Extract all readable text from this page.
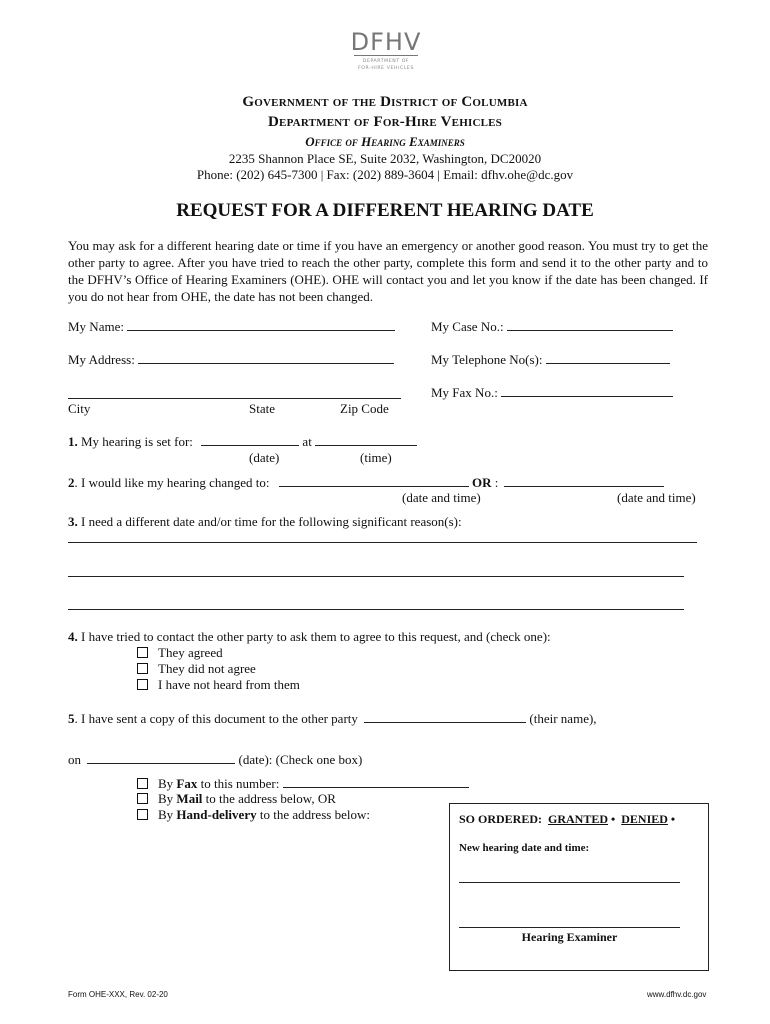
DFHV
DEPARTMENT OF
FOR-HIRE VEHICLES
Government of the District of Columbia
Department of For-Hire Vehicles
Office of Hearing Examiners
2235 Shannon Place SE, Suite 2032, Washington, DC20020
Phone: (202) 645-7300 | Fax: (202) 889-3604 | Email: dfhv.ohe@dc.gov
REQUEST FOR A DIFFERENT HEARING DATE
You may ask for a different hearing date or time if you have an emergency or another good reason. You must try to get the other party to agree. After you have tried to reach the other party, complete this form and send it to the other party and to the DFHV’s Office of Hearing Examiners (OHE). OHE will contact you and let you know if the date has been changed. If you do not hear from OHE, the date has not been changed.
My Name:	My Case No.:
My Address:	My Telephone No(s):
My Fax No.:
City	State	Zip Code
1. My hearing is set for:	at
(date)	(time)
2. I would like my hearing changed to:	OR :
(date and time)	(date and time)
3. I need a different date and/or time for the following significant reason(s):
4. I have tried to contact the other party to ask them to agree to this request, and (check one):
They agreed
They did not agree
I have not heard from them
5. I have sent a copy of this document to the other party	(their name),
on	(date): (Check one box)
By Fax to this number:
By Mail to the address below, OR
By Hand-delivery to the address below:	SO ORDERED: GRANTED • DENIED •
New hearing date and time:
Hearing Examiner
Form OHE-XXX, Rev. 02-20	www.dfhv.dc.gov
